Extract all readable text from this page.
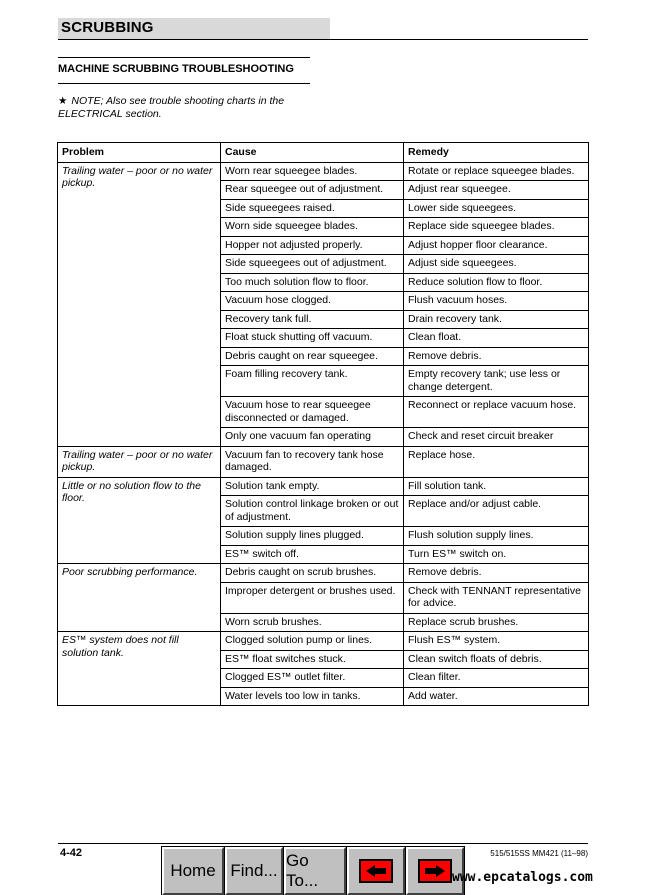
SCRUBBING
MACHINE SCRUBBING TROUBLESHOOTING
★ NOTE; Also see trouble shooting charts in the ELECTRICAL section.
Problem	Cause	Remedy
Trailing water – poor or no water pickup.	Worn rear squeegee blades.	Rotate or replace squeegee blades.
	Rear squeegee out of adjustment.	Adjust rear squeegee.
	Side squeegees raised.	Lower side squeegees.
	Worn side squeegee blades.	Replace side squeegee blades.
	Hopper not adjusted properly.	Adjust hopper floor clearance.
	Side squeegees out of adjustment.	Adjust side squeegees.
	Too much solution flow to floor.	Reduce solution flow to floor.
	Vacuum hose clogged.	Flush vacuum hoses.
	Recovery tank full.	Drain recovery tank.
	Float stuck shutting off vacuum.	Clean float.
	Debris caught on rear squeegee.	Remove debris.
	Foam filling recovery tank.	Empty recovery tank; use less or change detergent.
	Vacuum hose to rear squeegee disconnected or damaged.	Reconnect or replace vacuum hose.
	Only one vacuum fan operating	Check and reset circuit breaker
Trailing water – poor or no water pickup.	Vacuum fan to recovery tank hose damaged.	Replace hose.
Little or no solution flow to the floor.	Solution tank empty.	Fill solution tank.
	Solution control linkage broken or out of adjustment.	Replace and/or adjust cable.
	Solution supply lines plugged.	Flush solution supply lines.
	ES™ switch off.	Turn ES™ switch on.
Poor scrubbing performance.	Debris caught on scrub brushes.	Remove debris.
	Improper detergent or brushes used.	Check with TENNANT representative for advice.
	Worn scrub brushes.	Replace scrub brushes.
ES™ system does not fill solution tank.	Clogged solution pump or lines.	Flush ES™ system.
	ES™ float switches stuck.	Clean switch floats of debris.
	Clogged ES™ outlet filter.	Clean filter.
	Water levels too low in tanks.	Add water.
4-42	515/515SS MM421 (11–98)
Home Find...
Go To...	www.epcatalogs.com
